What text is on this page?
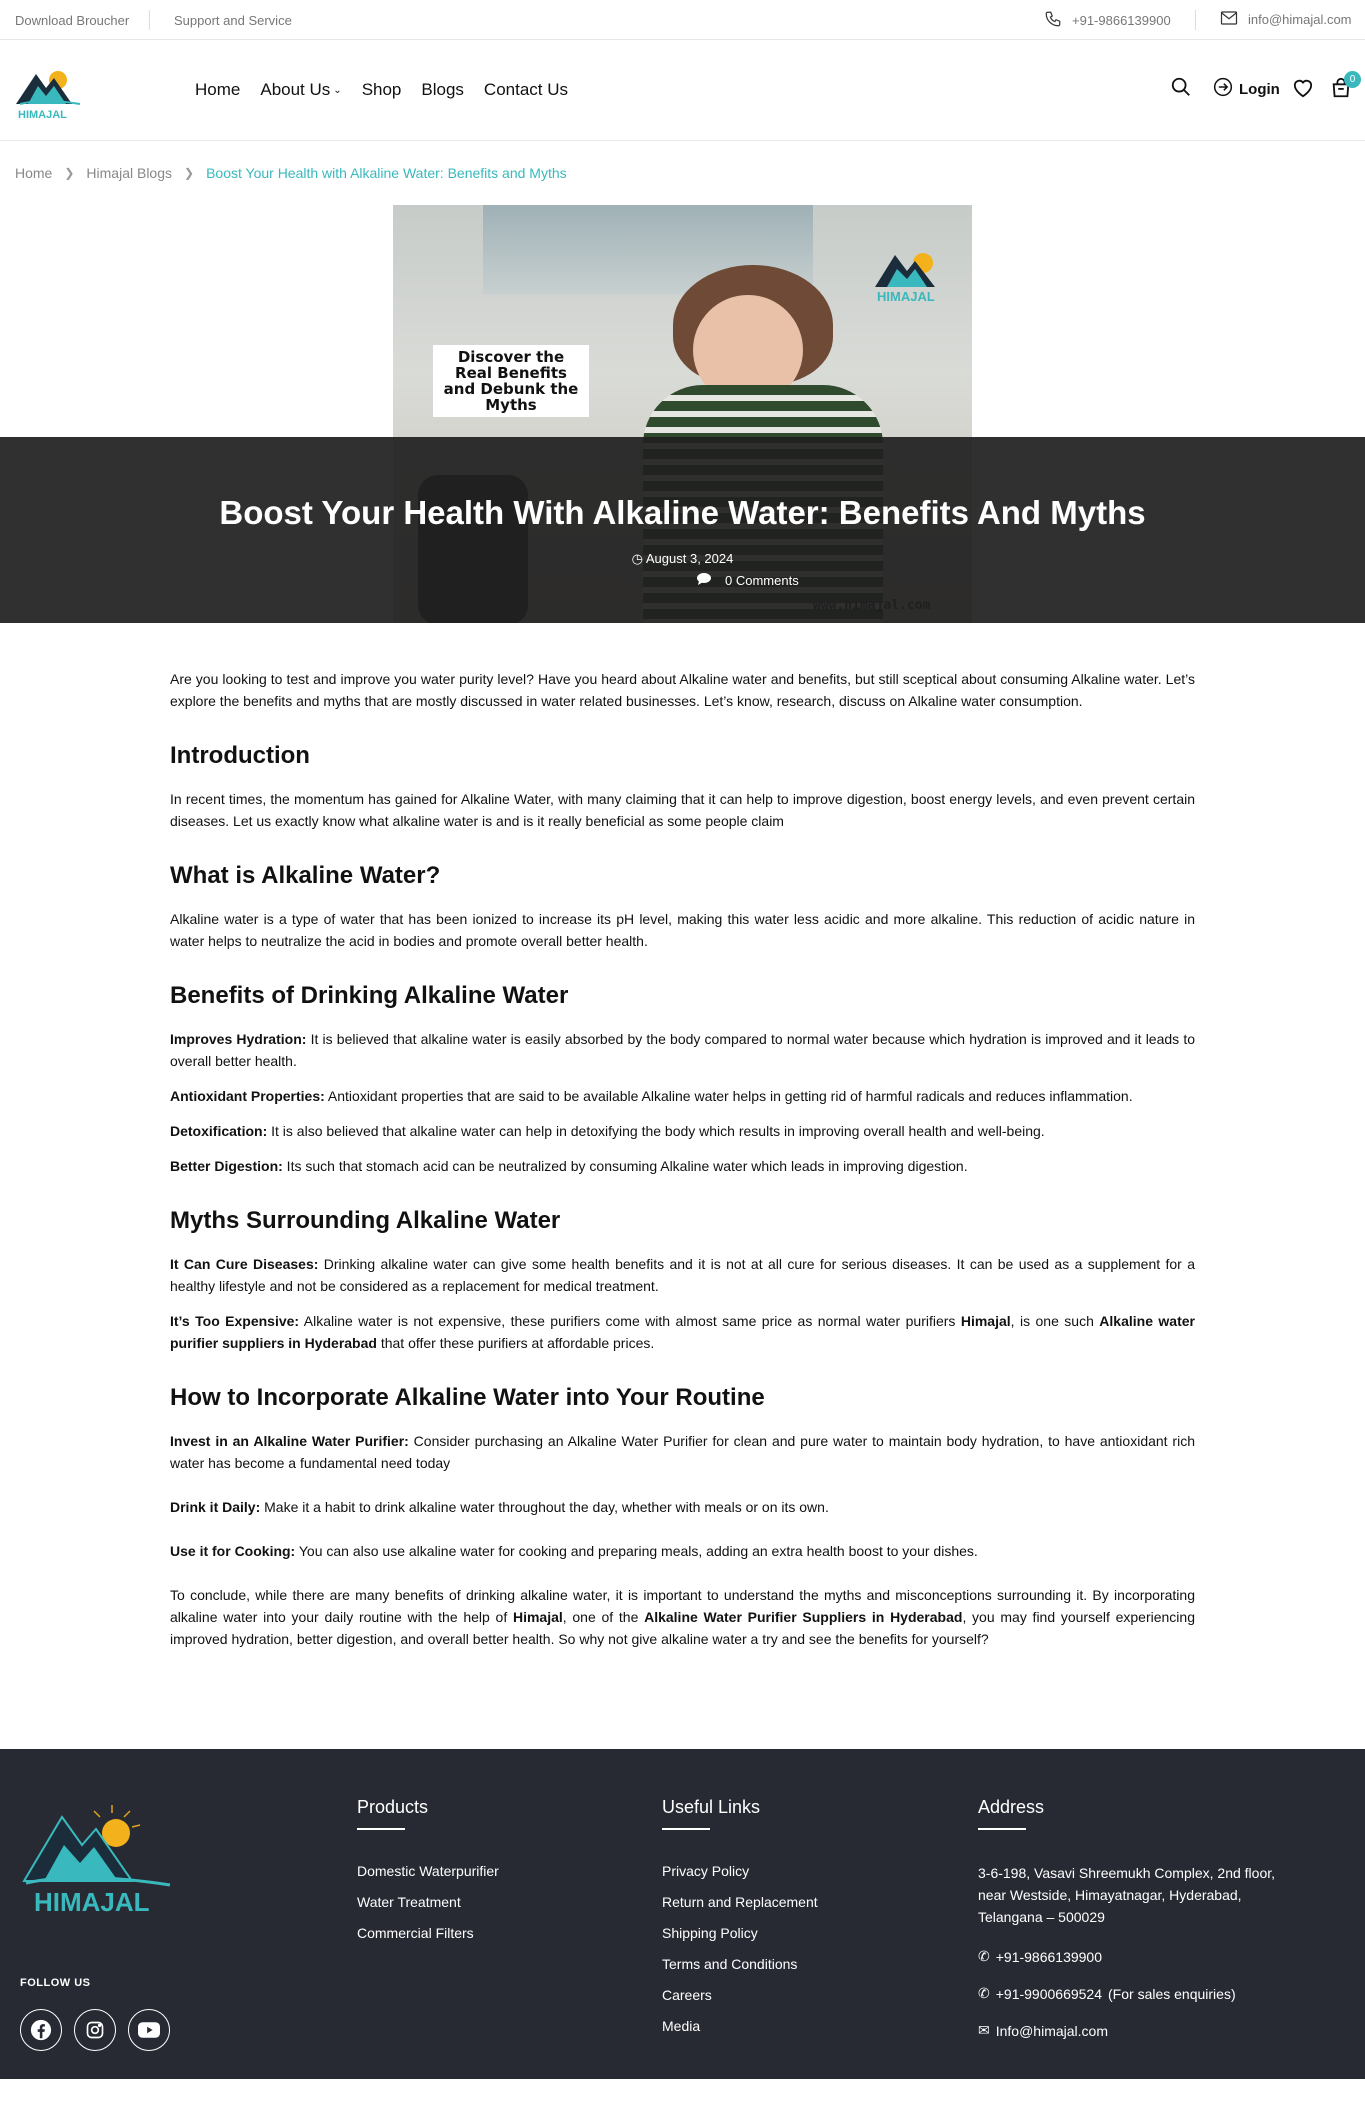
Download Broucher	Support and Service	+91-9866139900	info@himajal.com
HIMAJAL
Home About Us ⌄ Shop Blogs Contact Us	Login
0
Home ❯ Himajal Blogs ❯ Boost Your Health with Alkaline Water: Benefits and Myths
Discover the Real Benefits and Debunk the Myths
HIMAJAL
Boost Your Health With Alkaline Water: Benefits And Myths
◷ August 3, 2024
0 Comments

Are you looking to test and improve you water purity level? Have you heard about Alkaline water and benefits, but still sceptical about consuming Alkaline water. Let’s explore the benefits and myths that are mostly discussed in water related businesses. Let’s know, research, discuss on Alkaline water consumption.

Introduction

In recent times, the momentum has gained for Alkaline Water, with many claiming that it can help to improve digestion, boost energy levels, and even prevent certain diseases. Let us exactly know what alkaline water is and is it really beneficial as some people claim

What is Alkaline Water?

Alkaline water is a type of water that has been ionized to increase its pH level, making this water less acidic and more alkaline. This reduction of acidic nature in water helps to neutralize the acid in bodies and promote overall better health.

Benefits of Drinking Alkaline Water

Improves Hydration: It is believed that alkaline water is easily absorbed by the body compared to normal water because which hydration is improved and it leads to overall better health.

Antioxidant Properties: Antioxidant properties that are said to be available Alkaline water helps in getting rid of harmful radicals and reduces inflammation.

Detoxification: It is also believed that alkaline water can help in detoxifying the body which results in improving overall health and well-being.

Better Digestion: Its such that stomach acid can be neutralized by consuming Alkaline water which leads in improving digestion.

Myths Surrounding Alkaline Water

It Can Cure Diseases: Drinking alkaline water can give some health benefits and it is not at all cure for serious diseases. It can be used as a supplement for a healthy lifestyle and not be considered as a replacement for medical treatment.

It’s Too Expensive: Alkaline water is not expensive, these purifiers come with almost same price as normal water purifiers Himajal, is one such Alkaline water purifier suppliers in Hyderabad that offer these purifiers at affordable prices.

How to Incorporate Alkaline Water into Your Routine

Invest in an Alkaline Water Purifier: Consider purchasing an Alkaline Water Purifier for clean and pure water to maintain body hydration, to have antioxidant rich water has become a fundamental need today

Drink it Daily: Make it a habit to drink alkaline water throughout the day, whether with meals or on its own.

Use it for Cooking: You can also use alkaline water for cooking and preparing meals, adding an extra health boost to your dishes.

To conclude, while there are many benefits of drinking alkaline water, it is important to understand the myths and misconceptions surrounding it. By incorporating alkaline water into your daily routine with the help of Himajal, one of the Alkaline Water Purifier Suppliers in Hyderabad, you may find yourself experiencing improved hydration, better digestion, and overall better health. So why not give alkaline water a try and see the benefits for yourself?

HIMAJAL
FOLLOW US
Products
Domestic Waterpurifier
Water Treatment
Commercial Filters
Useful Links
Privacy Policy
Return and Replacement
Shipping Policy
Terms and Conditions
Careers
Media
Address
3-6-198, Vasavi Shreemukh Complex, 2nd floor, near Westside, Himayatnagar, Hyderabad, Telangana – 500029
✆ +91-9866139900
✆ +91-9900669524 (For sales enquiries)
✉ Info@himajal.com
